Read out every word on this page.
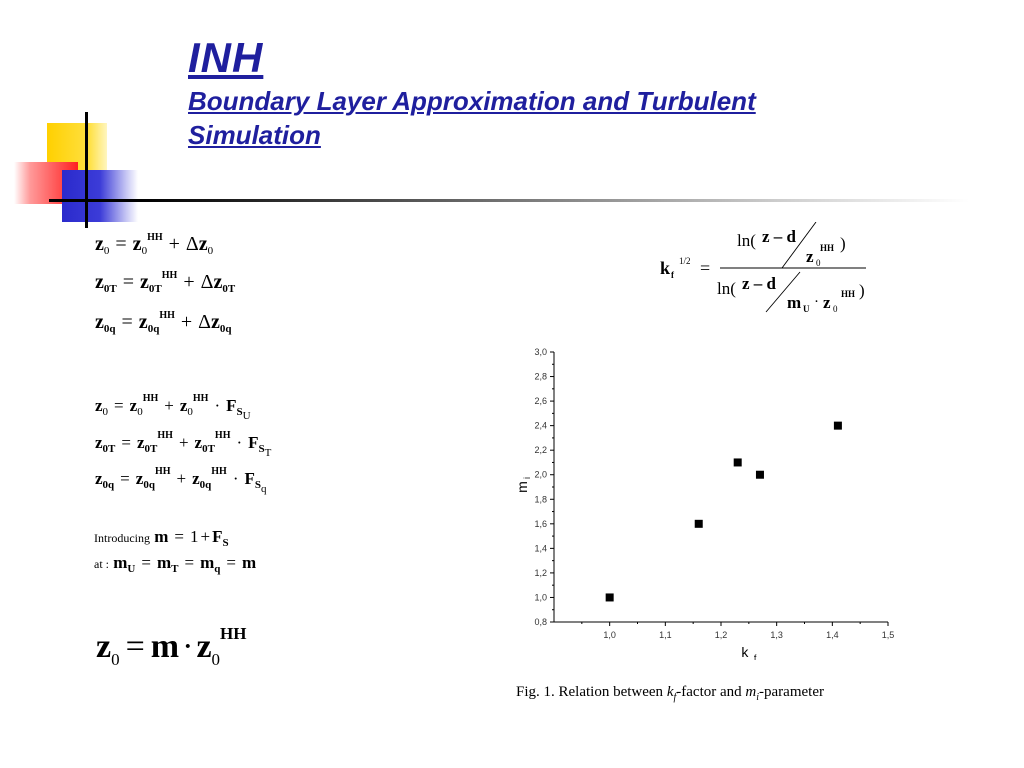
INH
Boundary Layer Approximation and Turbulent Simulation
$z_0 = z_0^{HH} + \Delta z_0$
$z_{0T} = z_{0T}^{HH} + \Delta z_{0T}$
$z_{0q} = z_{0q}^{HH} + \Delta z_{0q}$
$z_0 = z_0^{HH} + z_0^{HH} \cdot F_{S_U}$
$z_{0T} = z_{0T}^{HH} + z_{0T}^{HH} \cdot F_{S_T}$
$z_{0q} = z_{0q}^{HH} + z_{0q}^{HH} \cdot F_{S_q}$
Introducing $m = 1 + F_S$
at : $m_U = m_T = m_q = m$
$z_0 = m\cdot z_0^{HH}$
k f
1/2 =
ln( z – d
z 0
HH )
ln( z – d
m U · z 0
HH )
0,8
1,0
1,2
1,4
1,6
1,8
2,0
2,2
2,4
2,6
2,8
3,0
1,0	1,1	1,2	1,3	1,4	1,5
k f
m
i
Fig. 1. Relation between $k_f$-factor and $m_i$-parameter
